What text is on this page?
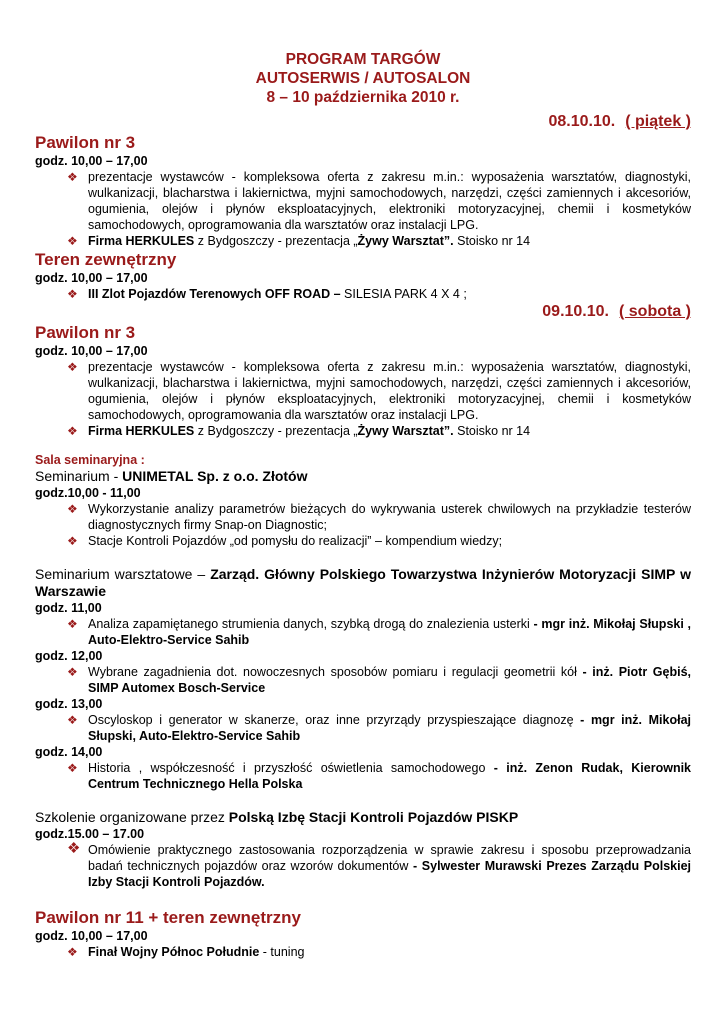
PROGRAM TARGÓW
AUTOSERWIS / AUTOSALON
8 – 10 października 2010 r.
08.10.10. ( piątek )
Pawilon nr 3
godz. 10,00 – 17,00
❖ prezentacje wystawców - kompleksowa oferta z zakresu m.in.: wyposażenia warsztatów, diagnostyki, wulkanizacji, blacharstwa i lakiernictwa, myjni samochodowych, narzędzi, części zamiennych i akcesoriów, ogumienia, olejów i płynów eksploatacyjnych, elektroniki motoryzacyjnej, chemii i kosmetyków samochodowych, oprogramowania dla warsztatów oraz instalacji LPG.
❖ Firma HERKULES z Bydgoszczy - prezentacja „Żywy Warsztat”. Stoisko nr 14
Teren zewnętrzny
godz. 10,00 – 17,00
❖ III Zlot Pojazdów Terenowych OFF ROAD – SILESIA PARK 4 X 4 ;
09.10.10. ( sobota )
Pawilon nr 3
godz. 10,00 – 17,00
❖ prezentacje wystawców - kompleksowa oferta z zakresu m.in.: wyposażenia warsztatów, diagnostyki, wulkanizacji, blacharstwa i lakiernictwa, myjni samochodowych, narzędzi, części zamiennych i akcesoriów, ogumienia, olejów i płynów eksploatacyjnych, elektroniki motoryzacyjnej, chemii i kosmetyków samochodowych, oprogramowania dla warsztatów oraz instalacji LPG.
❖ Firma HERKULES z Bydgoszczy - prezentacja „Żywy Warsztat”. Stoisko nr 14
Sala seminaryjna :
Seminarium - UNIMETAL Sp. z o.o. Złotów
godz.10,00 - 11,00
❖ Wykorzystanie analizy parametrów bieżących do wykrywania usterek chwilowych na przykładzie testerów diagnostycznych firmy Snap-on Diagnostic;
❖ Stacje Kontroli Pojazdów „od pomysłu do realizacji” – kompendium wiedzy;
Seminarium warsztatowe – Zarząd. Główny Polskiego Towarzystwa Inżynierów Motoryzacji SIMP w Warszawie
godz. 11,00
❖ Analiza zapamiętanego strumienia danych, szybką drogą do znalezienia usterki - mgr inż. Mikołaj Słupski , Auto-Elektro-Service Sahib
godz. 12,00
❖ Wybrane zagadnienia dot. nowoczesnych sposobów pomiaru i regulacji geometrii kół - inż. Piotr Gębiś, SIMP Automex Bosch-Service
godz. 13,00
❖ Oscyloskop i generator w skanerze, oraz inne przyrządy przyspieszające diagnozę - mgr inż. Mikołaj Słupski, Auto-Elektro-Service Sahib
godz. 14,00
❖ Historia , współczesność i przyszłość oświetlenia samochodowego - inż. Zenon Rudak, Kierownik Centrum Technicznego Hella Polska
Szkolenie organizowane przez Polską Izbę Stacji Kontroli Pojazdów PISKP
godz.15.00 – 17.00
❖ Omówienie praktycznego zastosowania rozporządzenia w sprawie zakresu i sposobu przeprowadzania badań technicznych pojazdów oraz wzorów dokumentów - Sylwester Murawski Prezes Zarządu Polskiej Izby Stacji Kontroli Pojazdów.
Pawilon nr 11 + teren zewnętrzny
godz. 10,00 – 17,00
❖ Finał Wojny Północ Południe - tuning
